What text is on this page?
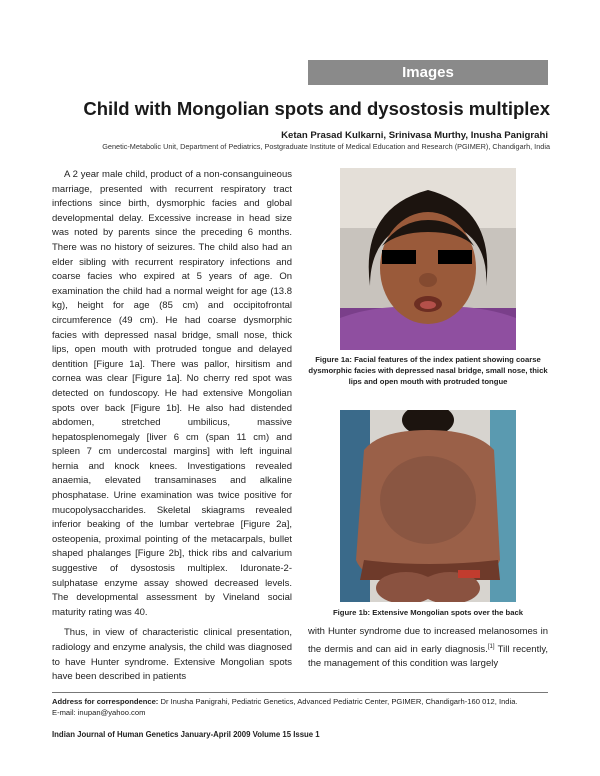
Images
Child with Mongolian spots and dysostosis multiplex
Ketan Prasad Kulkarni, Srinivasa Murthy, Inusha Panigrahi
Genetic-Metabolic Unit, Department of Pediatrics, Postgraduate Institute of Medical Education and Research (PGIMER), Chandigarh, India

A 2 year male child, product of a non-consanguineous marriage, presented with recurrent respiratory tract infections since birth, dysmorphic facies and global developmental delay. Excessive increase in head size was noted by parents since the preceding 6 months. There was no history of seizures. The child also had an elder sibling with recurrent respiratory infections and coarse facies who expired at 5 years of age. On examination the child had a normal weight for age (13.8 kg), height for age (85 cm) and occipitofrontal circumference (49 cm). He had coarse dysmorphic facies with depressed nasal bridge, small nose, thick lips, open mouth with protruded tongue and delayed dentition [Figure 1a]. There was pallor, hirsitism and cornea was clear [Figure 1a]. No cherry red spot was detected on fundoscopy. He had extensive Mongolian spots over back [Figure 1b]. He also had distended abdomen, stretched umbilicus, massive hepatosplenomegaly [liver 6 cm (span 11 cm) and spleen 7 cm undercostal margins] with left inguinal hernia and knock knees. Investigations revealed anaemia, elevated transaminases and alkaline phosphatase. Urine examination was twice positive for mucopolysaccharides. Skeletal skiagrams revealed inferior beaking of the lumbar vertebrae [Figure 2a], osteopenia, proximal pointing of the metacarpals, bullet shaped phalanges [Figure 2b], thick ribs and calvarium suggestive of dysostosis multiplex. Iduronate-2-sulphatase enzyme assay showed decreased levels. The developmental assessment by Vineland social maturity rating was 40.

Thus, in view of characteristic clinical presentation, radiology and enzyme analysis, the child was diagnosed to have Hunter syndrome. Extensive Mongolian spots have been described in patients

Figure 1a: Facial features of the index patient showing coarse dysmorphic facies with depressed nasal bridge, small nose, thick lips and open mouth with protruded tongue
Figure 1b: Extensive Mongolian spots over the back

with Hunter syndrome due to increased melanosomes in the dermis and can aid in early diagnosis.[1] Till recently, the management of this condition was largely

Address for correspondence: Dr Inusha Panigrahi, Pediatric Genetics, Advanced Pediatric Center, PGIMER, Chandigarh-160 012, India.
E-mail: inupan@yahoo.com
Indian Journal of Human Genetics January-April 2009 Volume 15 Issue 1
